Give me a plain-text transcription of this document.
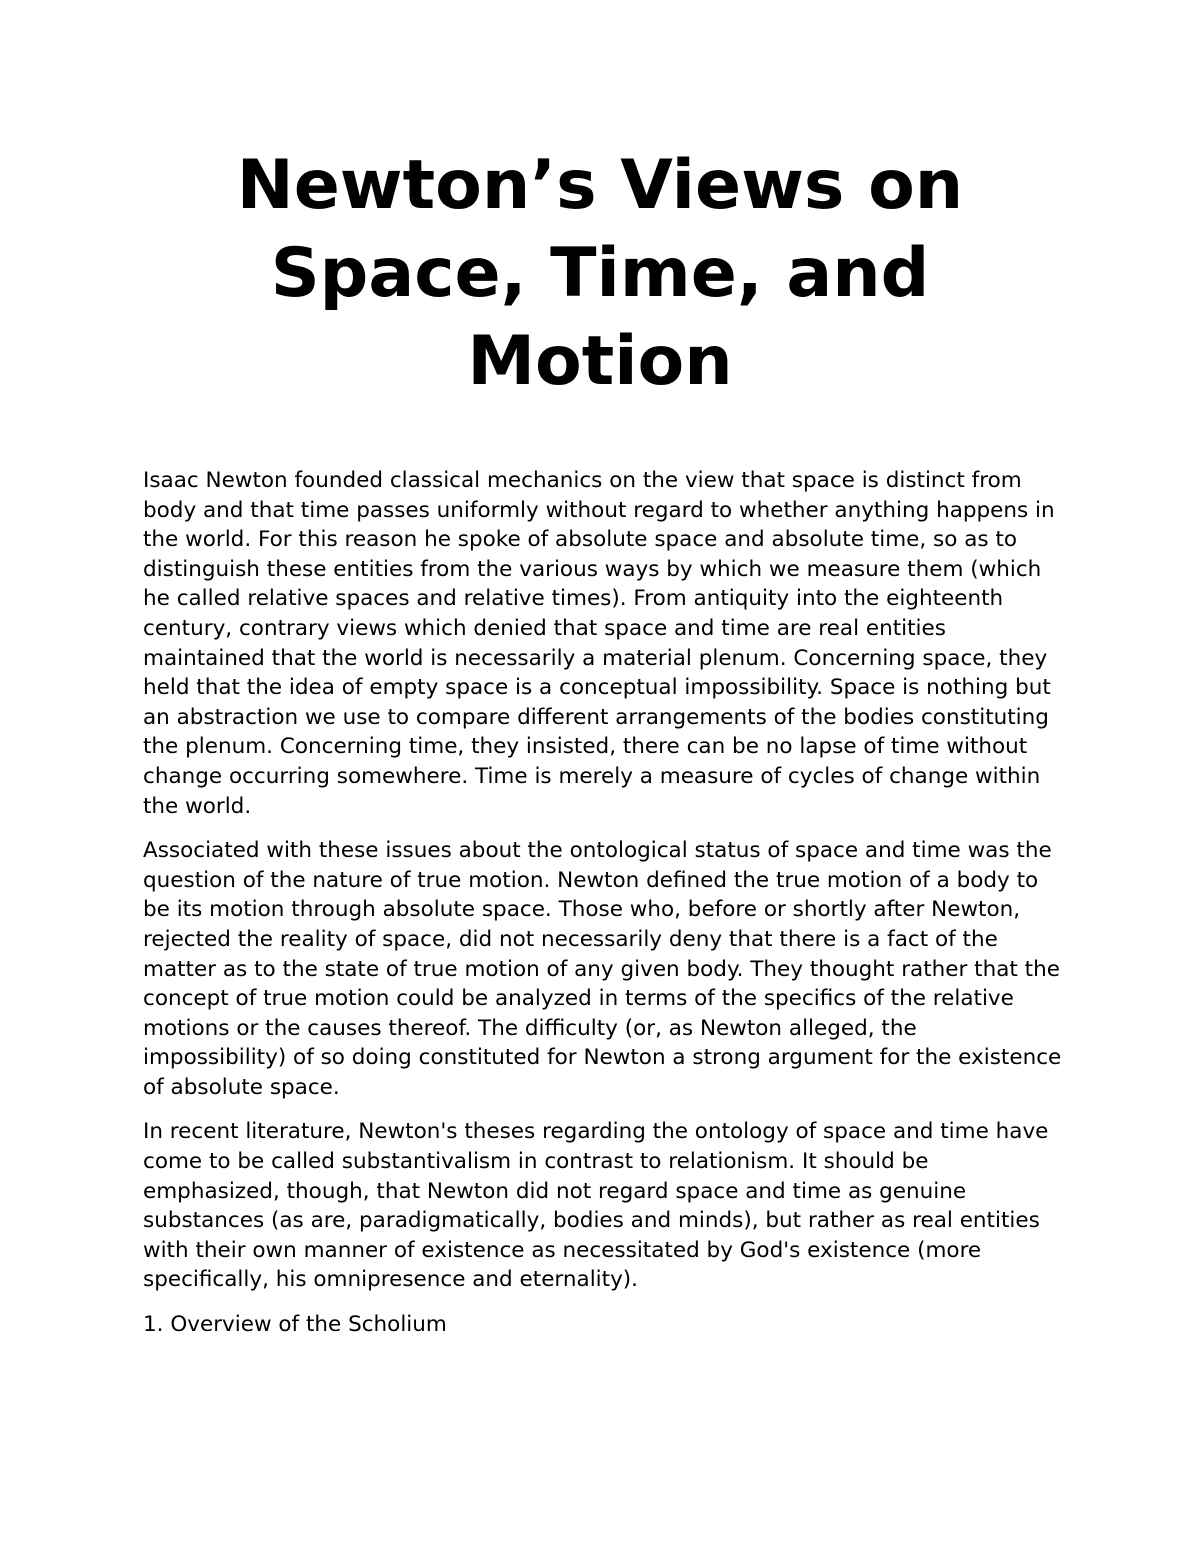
Newton’s Views on Space, Time, and Motion

Isaac Newton founded classical mechanics on the view that space is distinct from body and that time passes uniformly without regard to whether anything happens in the world. For this reason he spoke of absolute space and absolute time, so as to distinguish these entities from the various ways by which we measure them (which he called relative spaces and relative times). From antiquity into the eighteenth century, contrary views which denied that space and time are real entities maintained that the world is necessarily a material plenum. Concerning space, they held that the idea of empty space is a conceptual impossibility. Space is nothing but an abstraction we use to compare different arrangements of the bodies constituting the plenum. Concerning time, they insisted, there can be no lapse of time without change occurring somewhere. Time is merely a measure of cycles of change within the world.

Associated with these issues about the ontological status of space and time was the question of the nature of true motion. Newton defined the true motion of a body to be its motion through absolute space. Those who, before or shortly after Newton, rejected the reality of space, did not necessarily deny that there is a fact of the matter as to the state of true motion of any given body. They thought rather that the concept of true motion could be analyzed in terms of the specifics of the relative motions or the causes thereof. The difficulty (or, as Newton alleged, the impossibility) of so doing constituted for Newton a strong argument for the existence of absolute space.

In recent literature, Newton's theses regarding the ontology of space and time have come to be called substantivalism in contrast to relationism. It should be emphasized, though, that Newton did not regard space and time as genuine substances (as are, paradigmatically, bodies and minds), but rather as real entities with their own manner of existence as necessitated by God's existence (more specifically, his omnipresence and eternality).

1. Overview of the Scholium
